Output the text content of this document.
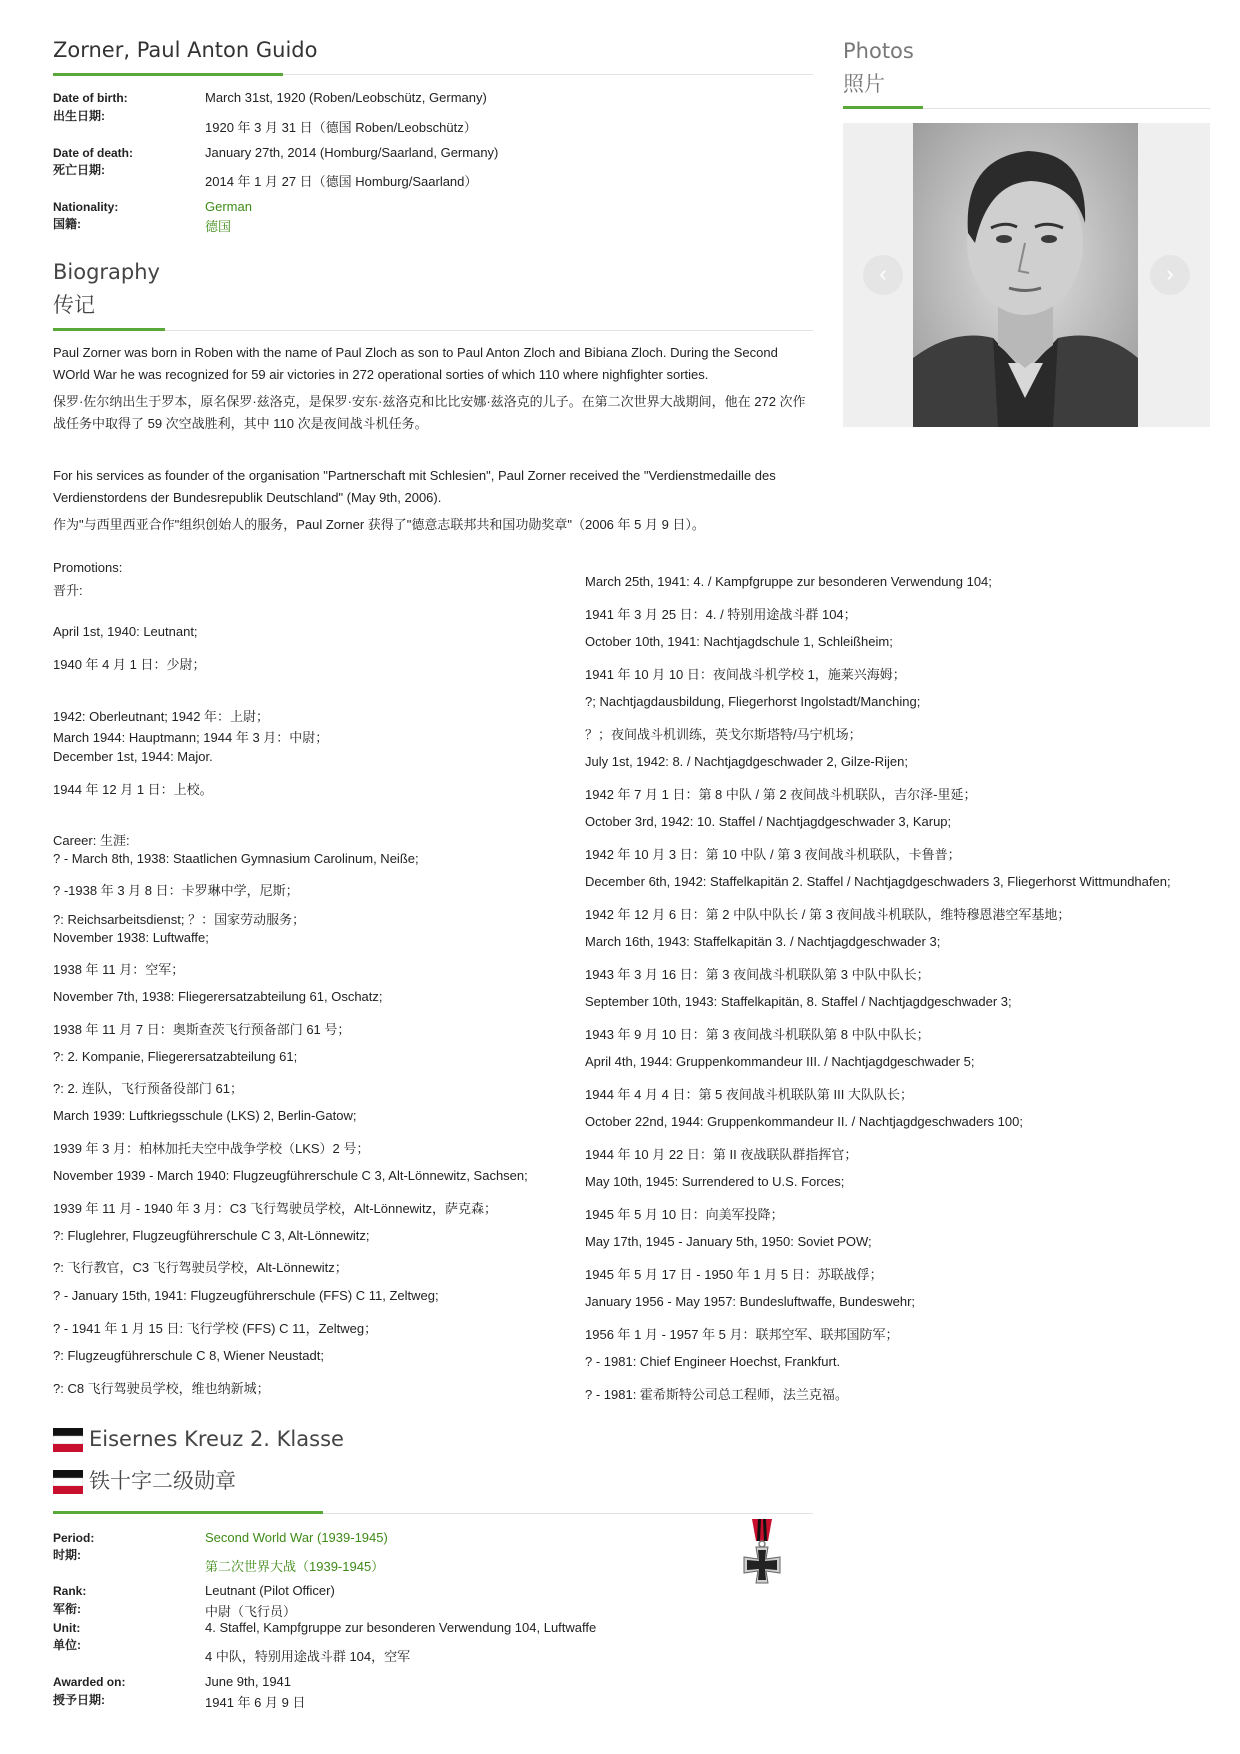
Zorner, Paul Anton Guido
Date of birth:
出生日期:
March 31st, 1920 (Roben/Leobschütz, Germany)
1920 年 3 月 31 日（德国 Roben/Leobschütz）
Date of death:
死亡日期:
January 27th, 2014 (Homburg/Saarland, Germany)
2014 年 1 月 27 日（德国 Homburg/Saarland）
Nationality:
国籍:
German
德国
Photos
照片
‹	›
Biography
传记
Paul Zorner was born in Roben with the name of Paul Zloch as son to Paul Anton Zloch and Bibiana Zloch. During the Second WOrld War he was recognized for 59 air victories in 272 operational sorties of which 110 where nighfighter sorties.
保罗·佐尔纳出生于罗本，原名保罗·兹洛克，是保罗·安东·兹洛克和比比安娜·兹洛克的儿子。在第二次世界大战期间，他在 272 次作战任务中取得了 59 次空战胜利，其中 110 次是夜间战斗机任务。
For his services as founder of the organisation "Partnerschaft mit Schlesien", Paul Zorner received the "Verdienstmedaille des Verdienstordens der Bundesrepublik Deutschland" (May 9th, 2006).
作为"与西里西亚合作"组织创始人的服务，Paul Zorner 获得了"德意志联邦共和国功勋奖章"（2006 年 5 月 9 日）。
Promotions:
晋升:
April 1st, 1940: Leutnant;
1940 年 4 月 1 日：少尉；
1942: Oberleutnant; 1942 年：上尉；
March 1944: Hauptmann; 1944 年 3 月：中尉；
December 1st, 1944: Major.
1944 年 12 月 1 日：上校。
Career: 生涯:
? - March 8th, 1938: Staatlichen Gymnasium Carolinum, Neiße;
? -1938 年 3 月 8 日：卡罗琳中学，尼斯；
?: Reichsarbeitsdienst; ？：国家劳动服务；
November 1938: Luftwaffe;
1938 年 11 月：空军；
November 7th, 1938: Fliegerersatzabteilung 61, Oschatz;
1938 年 11 月 7 日：奥斯查茨飞行预备部门 61 号；
?: 2. Kompanie, Fliegerersatzabteilung 61;
?: 2. 连队，飞行预备役部门 61；
March 1939: Luftkriegsschule (LKS) 2, Berlin-Gatow;
1939 年 3 月：柏林加托夫空中战争学校（LKS）2 号；
November 1939 - March 1940: Flugzeugführerschule C 3, Alt-Lönnewitz, Sachsen;
1939 年 11 月 - 1940 年 3 月：C3 飞行驾驶员学校，Alt-Lönnewitz，萨克森；
?: Fluglehrer, Flugzeugführerschule C 3, Alt-Lönnewitz;
?: 飞行教官，C3 飞行驾驶员学校，Alt-Lönnewitz；
? - January 15th, 1941: Flugzeugführerschule (FFS) C 11, Zeltweg;
? - 1941 年 1 月 15 日: 飞行学校 (FFS) C 11，Zeltweg；
?: Flugzeugführerschule C 8, Wiener Neustadt;
?: C8 飞行驾驶员学校，维也纳新城；
March 25th, 1941: 4. / Kampfgruppe zur besonderen Verwendung 104;
1941 年 3 月 25 日：4. / 特别用途战斗群 104；
October 10th, 1941: Nachtjagdschule 1, Schleißheim;
1941 年 10 月 10 日：夜间战斗机学校 1，施莱兴海姆；
?; Nachtjagdausbildung, Fliegerhorst Ingolstadt/Manching;
？；夜间战斗机训练，英戈尔斯塔特/马宁机场；
July 1st, 1942: 8. / Nachtjagdgeschwader 2, Gilze-Rijen;
1942 年 7 月 1 日：第 8 中队 / 第 2 夜间战斗机联队，吉尔泽-里延；
October 3rd, 1942: 10. Staffel / Nachtjagdgeschwader 3, Karup;
1942 年 10 月 3 日：第 10 中队 / 第 3 夜间战斗机联队，卡鲁普；
December 6th, 1942: Staffelkapitän 2. Staffel / Nachtjagdgeschwaders 3, Fliegerhorst Wittmundhafen;
1942 年 12 月 6 日：第 2 中队中队长 / 第 3 夜间战斗机联队，维特穆恩港空军基地；
March 16th, 1943: Staffelkapitän 3. / Nachtjagdgeschwader 3;
1943 年 3 月 16 日：第 3 夜间战斗机联队第 3 中队中队长；
September 10th, 1943: Staffelkapitän, 8. Staffel / Nachtjagdgeschwader 3;
1943 年 9 月 10 日：第 3 夜间战斗机联队第 8 中队中队长；
April 4th, 1944: Gruppenkommandeur III. / Nachtjagdgeschwader 5;
1944 年 4 月 4 日：第 5 夜间战斗机联队第 III 大队队长；
October 22nd, 1944: Gruppenkommandeur II. / Nachtjagdgeschwaders 100;
1944 年 10 月 22 日：第 II 夜战联队群指挥官；
May 10th, 1945: Surrendered to U.S. Forces;
1945 年 5 月 10 日：向美军投降；
May 17th, 1945 - January 5th, 1950: Soviet POW;
1945 年 5 月 17 日 - 1950 年 1 月 5 日：苏联战俘；
January 1956 - May 1957: Bundesluftwaffe, Bundeswehr;
1956 年 1 月 - 1957 年 5 月：联邦空军、联邦国防军；
? - 1981: Chief Engineer Hoechst, Frankfurt.
? - 1981: 霍希斯特公司总工程师，法兰克福。
Eisernes Kreuz 2. Klasse
铁十字二级勋章
Period:
时期:
Second World War (1939-1945)
第二次世界大战（1939-1945）
Rank:
军衔:
Leutnant (Pilot Officer)
中尉（飞行员）
Unit:
单位:
4. Staffel, Kampfgruppe zur besonderen Verwendung 104, Luftwaffe
4 中队，特别用途战斗群 104，空军
Awarded on:
授予日期:
June 9th, 1941
1941 年 6 月 9 日
